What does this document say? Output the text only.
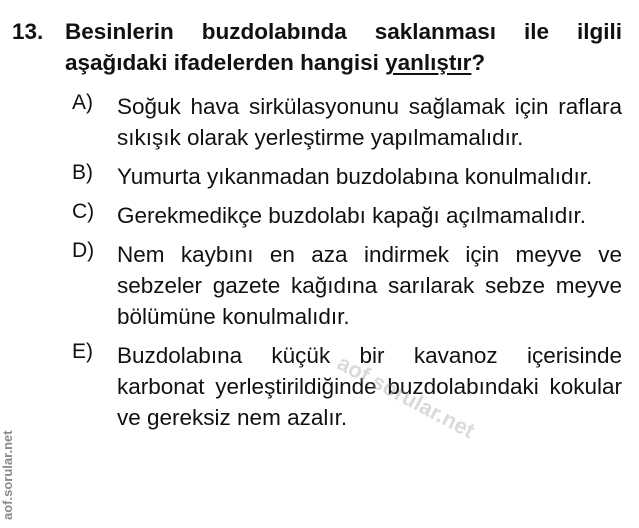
13. Besinlerin buzdolabında saklanması ile ilgili aşağıdaki ifadelerden hangisi yanlıştır?
A)	Soğuk hava sirkülasyonunu sağlamak için raflara sıkışık olarak yerleştirme yapılmamalıdır.
B)	Yumurta yıkanmadan buzdolabına konulmalıdır.
C)	Gerekmedikçe buzdolabı kapağı açılmamalıdır.
D)	Nem kaybını en aza indirmek için meyve ve sebzeler gazete kağıdına sarılarak sebze meyve bölümüne konulmalıdır.
E)	Buzdolabına küçük bir kavanoz içerisinde karbonat yerleştirildiğinde buzdolabındaki kokular ve gereksiz nem azalır.
aof.sorular.net
aof.sorular.net
